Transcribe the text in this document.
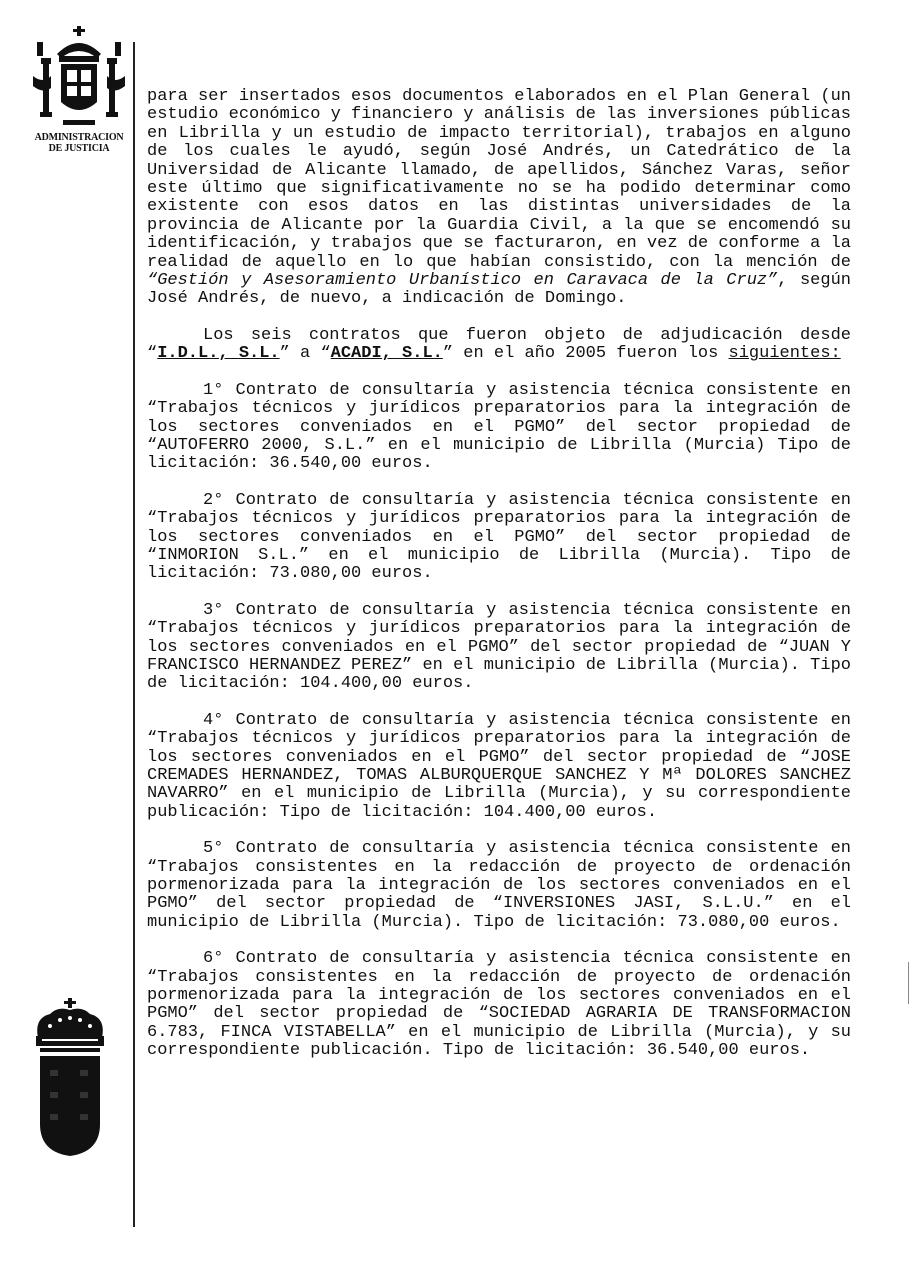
ADMINISTRACION
DE JUSTICIA

para ser insertados esos documentos elaborados en el Plan General (un estudio económico y financiero y análisis de las inversiones públicas en Librilla y un estudio de impacto territorial), trabajos en alguno de los cuales le ayudó, según José Andrés, un Catedrático de la Universidad de Alicante llamado, de apellidos, Sánchez Varas, señor este último que significativamente no se ha podido determinar como existente con esos datos en las distintas universidades de la provincia de Alicante por la Guardia Civil, a la que se encomendó su identificación, y trabajos que se facturaron, en vez de conforme a la realidad de aquello en lo que habían consistido, con la mención de “Gestión y Asesoramiento Urbanístico en Caravaca de la Cruz”, según José Andrés, de nuevo, a indicación de Domingo.

Los seis contratos que fueron objeto de adjudicación desde “I.D.L., S.L.” a “ACADI, S.L.” en el año 2005 fueron los siguientes:

1° Contrato de consultaría y asistencia técnica consistente en “Trabajos técnicos y jurídicos preparatorios para la integración de los sectores conveniados en el PGMO” del sector propiedad de “AUTOFERRO 2000, S.L.” en el municipio de Librilla (Murcia) Tipo de licitación: 36.540,00 euros.

2° Contrato de consultaría y asistencia técnica consistente en “Trabajos técnicos y jurídicos preparatorios para la integración de los sectores conveniados en el PGMO” del sector propiedad de “INMORION S.L.” en el municipio de Librilla (Murcia). Tipo de licitación: 73.080,00 euros.

3° Contrato de consultaría y asistencia técnica consistente en “Trabajos técnicos y jurídicos preparatorios para la integración de los sectores conveniados en el PGMO” del sector propiedad de “JUAN Y FRANCISCO HERNANDEZ PEREZ” en el municipio de Librilla (Murcia). Tipo de licitación: 104.400,00 euros.

4° Contrato de consultaría y asistencia técnica consistente en “Trabajos técnicos y jurídicos preparatorios para la integración de los sectores conveniados en el PGMO” del sector propiedad de “JOSE CREMADES HERNANDEZ, TOMAS ALBURQUERQUE SANCHEZ Y Mª DOLORES SANCHEZ NAVARRO” en el municipio de Librilla (Murcia), y su correspondiente publicación: Tipo de licitación: 104.400,00 euros.

5° Contrato de consultaría y asistencia técnica consistente en “Trabajos consistentes en la redacción de proyecto de ordenación pormenorizada para la integración de los sectores conveniados en el PGMO” del sector propiedad de “INVERSIONES JASI, S.L.U.” en el municipio de Librilla (Murcia). Tipo de licitación: 73.080,00 euros.

6° Contrato de consultaría y asistencia técnica consistente en “Trabajos consistentes en la redacción de proyecto de ordenación pormenorizada para la integración de los sectores conveniados en el PGMO” del sector propiedad de “SOCIEDAD AGRARIA DE TRANSFORMACION 6.783, FINCA VISTABELLA” en el municipio de Librilla (Murcia), y su correspondiente publicación. Tipo de licitación: 36.540,00 euros.
